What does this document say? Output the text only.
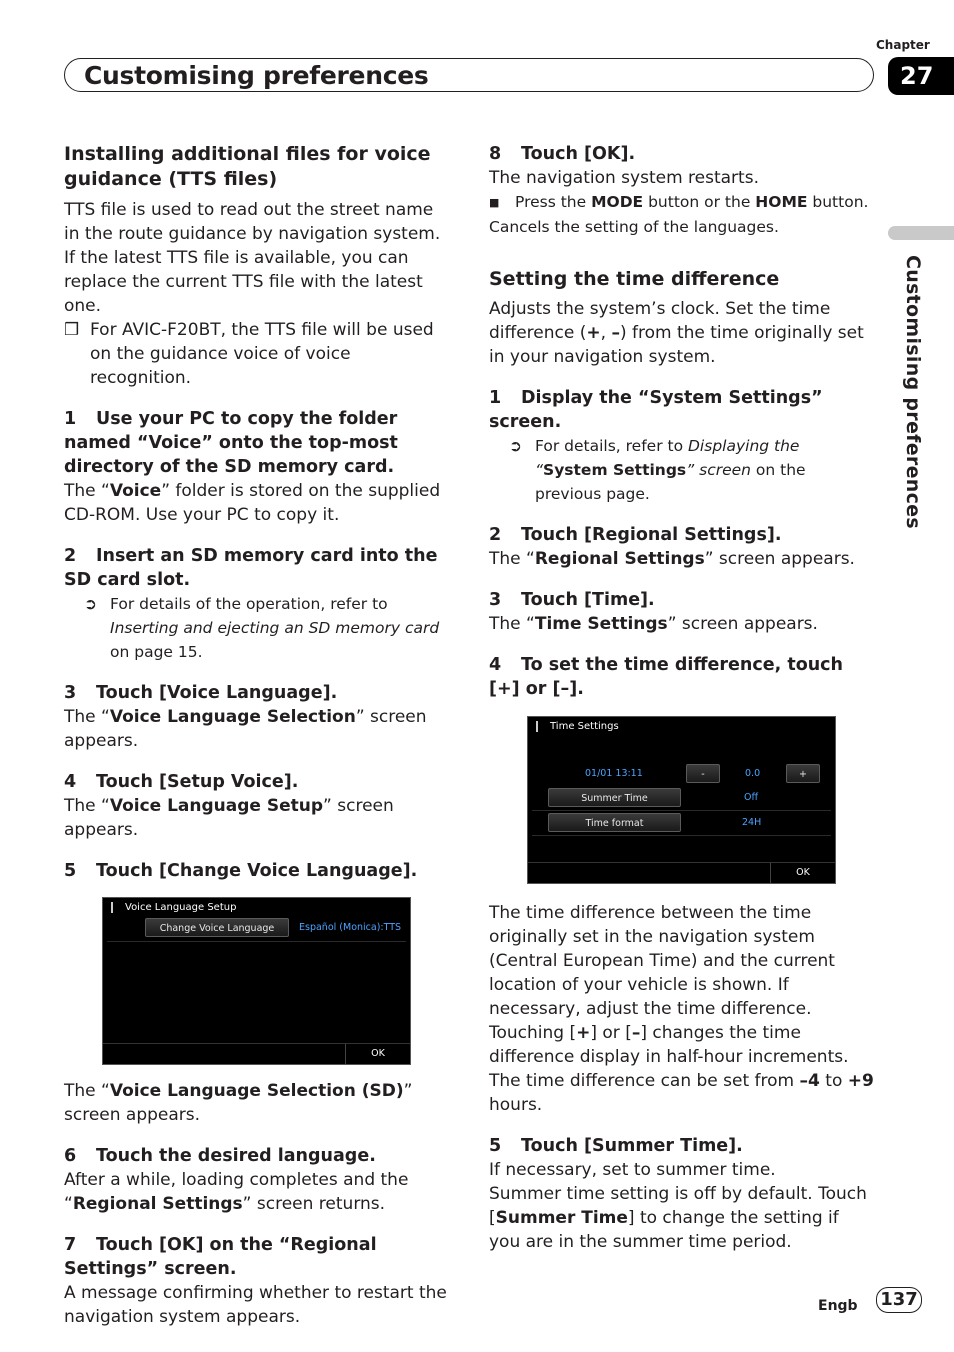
Chapter
27
Customising preferences
Customising preferences

Installing additional files for voice guidance (TTS files)

TTS file is used to read out the street name in the route guidance by navigation system. If the latest TTS file is available, you can replace the current TTS file with the latest one.

❒ For AVIC-F20BT, the TTS file will be used on the guidance voice of voice recognition.

1 Use your PC to copy the folder named “Voice” onto the top-most directory of the SD memory card.

The “Voice” folder is stored on the supplied CD-ROM. Use your PC to copy it.

2 Insert an SD memory card into the SD card slot.

➲ For details of the operation, refer to Inserting and ejecting an SD memory card on page 15.

3 Touch [Voice Language].

The “Voice Language Selection” screen appears.

4 Touch [Setup Voice].

The “Voice Language Setup” screen appears.

5 Touch [Change Voice Language].

Voice Language Setup
Change Voice Language	Español (Monica):TTS
OK

The “Voice Language Selection (SD)” screen appears.

6 Touch the desired language.

After a while, loading completes and the “Regional Settings” screen returns.

7 Touch [OK] on the “Regional Settings” screen.

A message confirming whether to restart the navigation system appears.

8 Touch [OK].

The navigation system restarts.

■ Press the MODE button or the HOME button. Cancels the setting of the languages.

Setting the time difference

Adjusts the system’s clock. Set the time difference (+, –) from the time originally set in your navigation system.

1 Display the “System Settings” screen.

➲ For details, refer to Displaying the “System Settings” screen on the previous page.

2 Touch [Regional Settings].

The “Regional Settings” screen appears.

3 Touch [Time].

The “Time Settings” screen appears.

4 To set the time difference, touch [+] or [–].

Time Settings
01/01 13:11	-	0.0	+
Summer Time	Off
Time format	24H
OK

The time difference between the time originally set in the navigation system (Central European Time) and the current location of your vehicle is shown. If necessary, adjust the time difference. Touching [+] or [–] changes the time difference display in half-hour increments.

The time difference can be set from –4 to +9 hours.

5 Touch [Summer Time].

If necessary, set to summer time.

Summer time setting is off by default. Touch [Summer Time] to change the setting if you are in the summer time period.

Engb 137
